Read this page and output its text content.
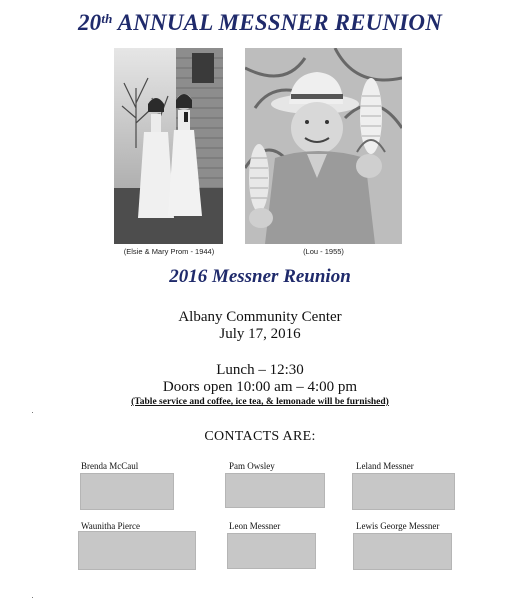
20th ANNUAL MESSNER REUNION
(Elsie & Mary Prom - 1944)	(Lou - 1955)
2016 Messner Reunion
Albany Community Center
July 17, 2016
Lunch – 12:30
Doors open 10:00 am – 4:00 pm
(Table service and coffee, ice tea, & lemonade will be furnished)
CONTACTS ARE:
Brenda McCaul	Pam Owsley	Leland Messner
Waunitha Pierce	Leon Messner	Lewis George Messner
